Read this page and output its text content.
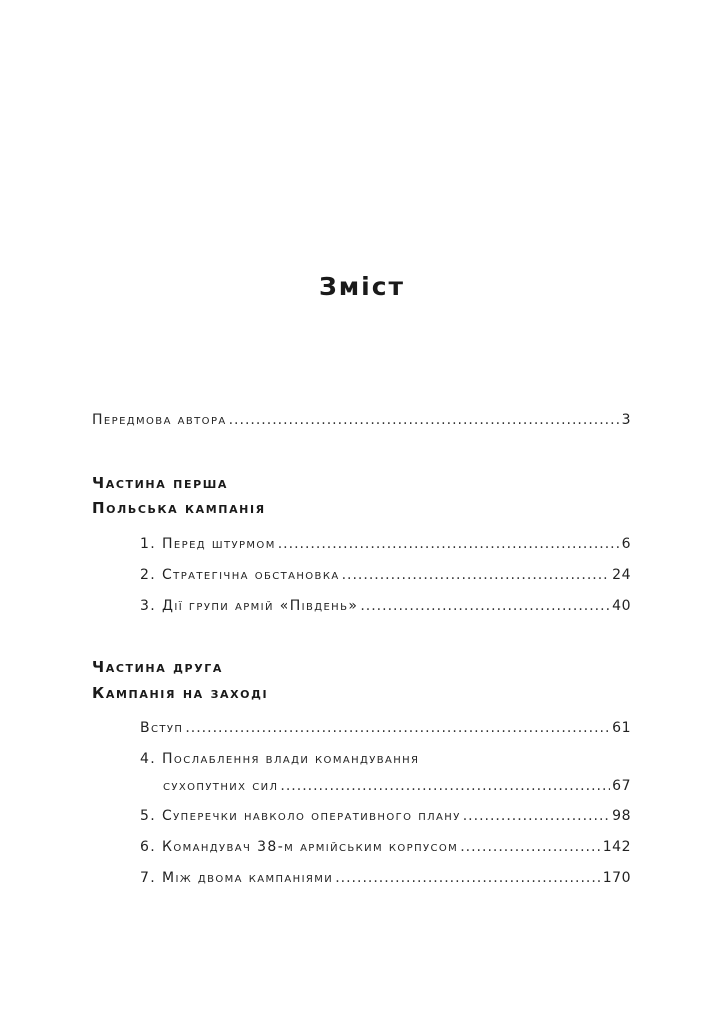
Зміст
Передмова автора .....	3
Частина перша
Польська кампанія
1. Перед штурмом .....	6
2. Стратегічна обстановка .....	24
3. Дії групи армій «Південь» .....	40
Частина друга
Кампанія на заході
Вступ .....	61
4. Послаблення влади командування
сухопутних сил .....	67
5. Суперечки навколо оперативного плану .....	98
6. Командувач 38-м армійським корпусом .....	142
7. Між двома кампаніями .....	170
